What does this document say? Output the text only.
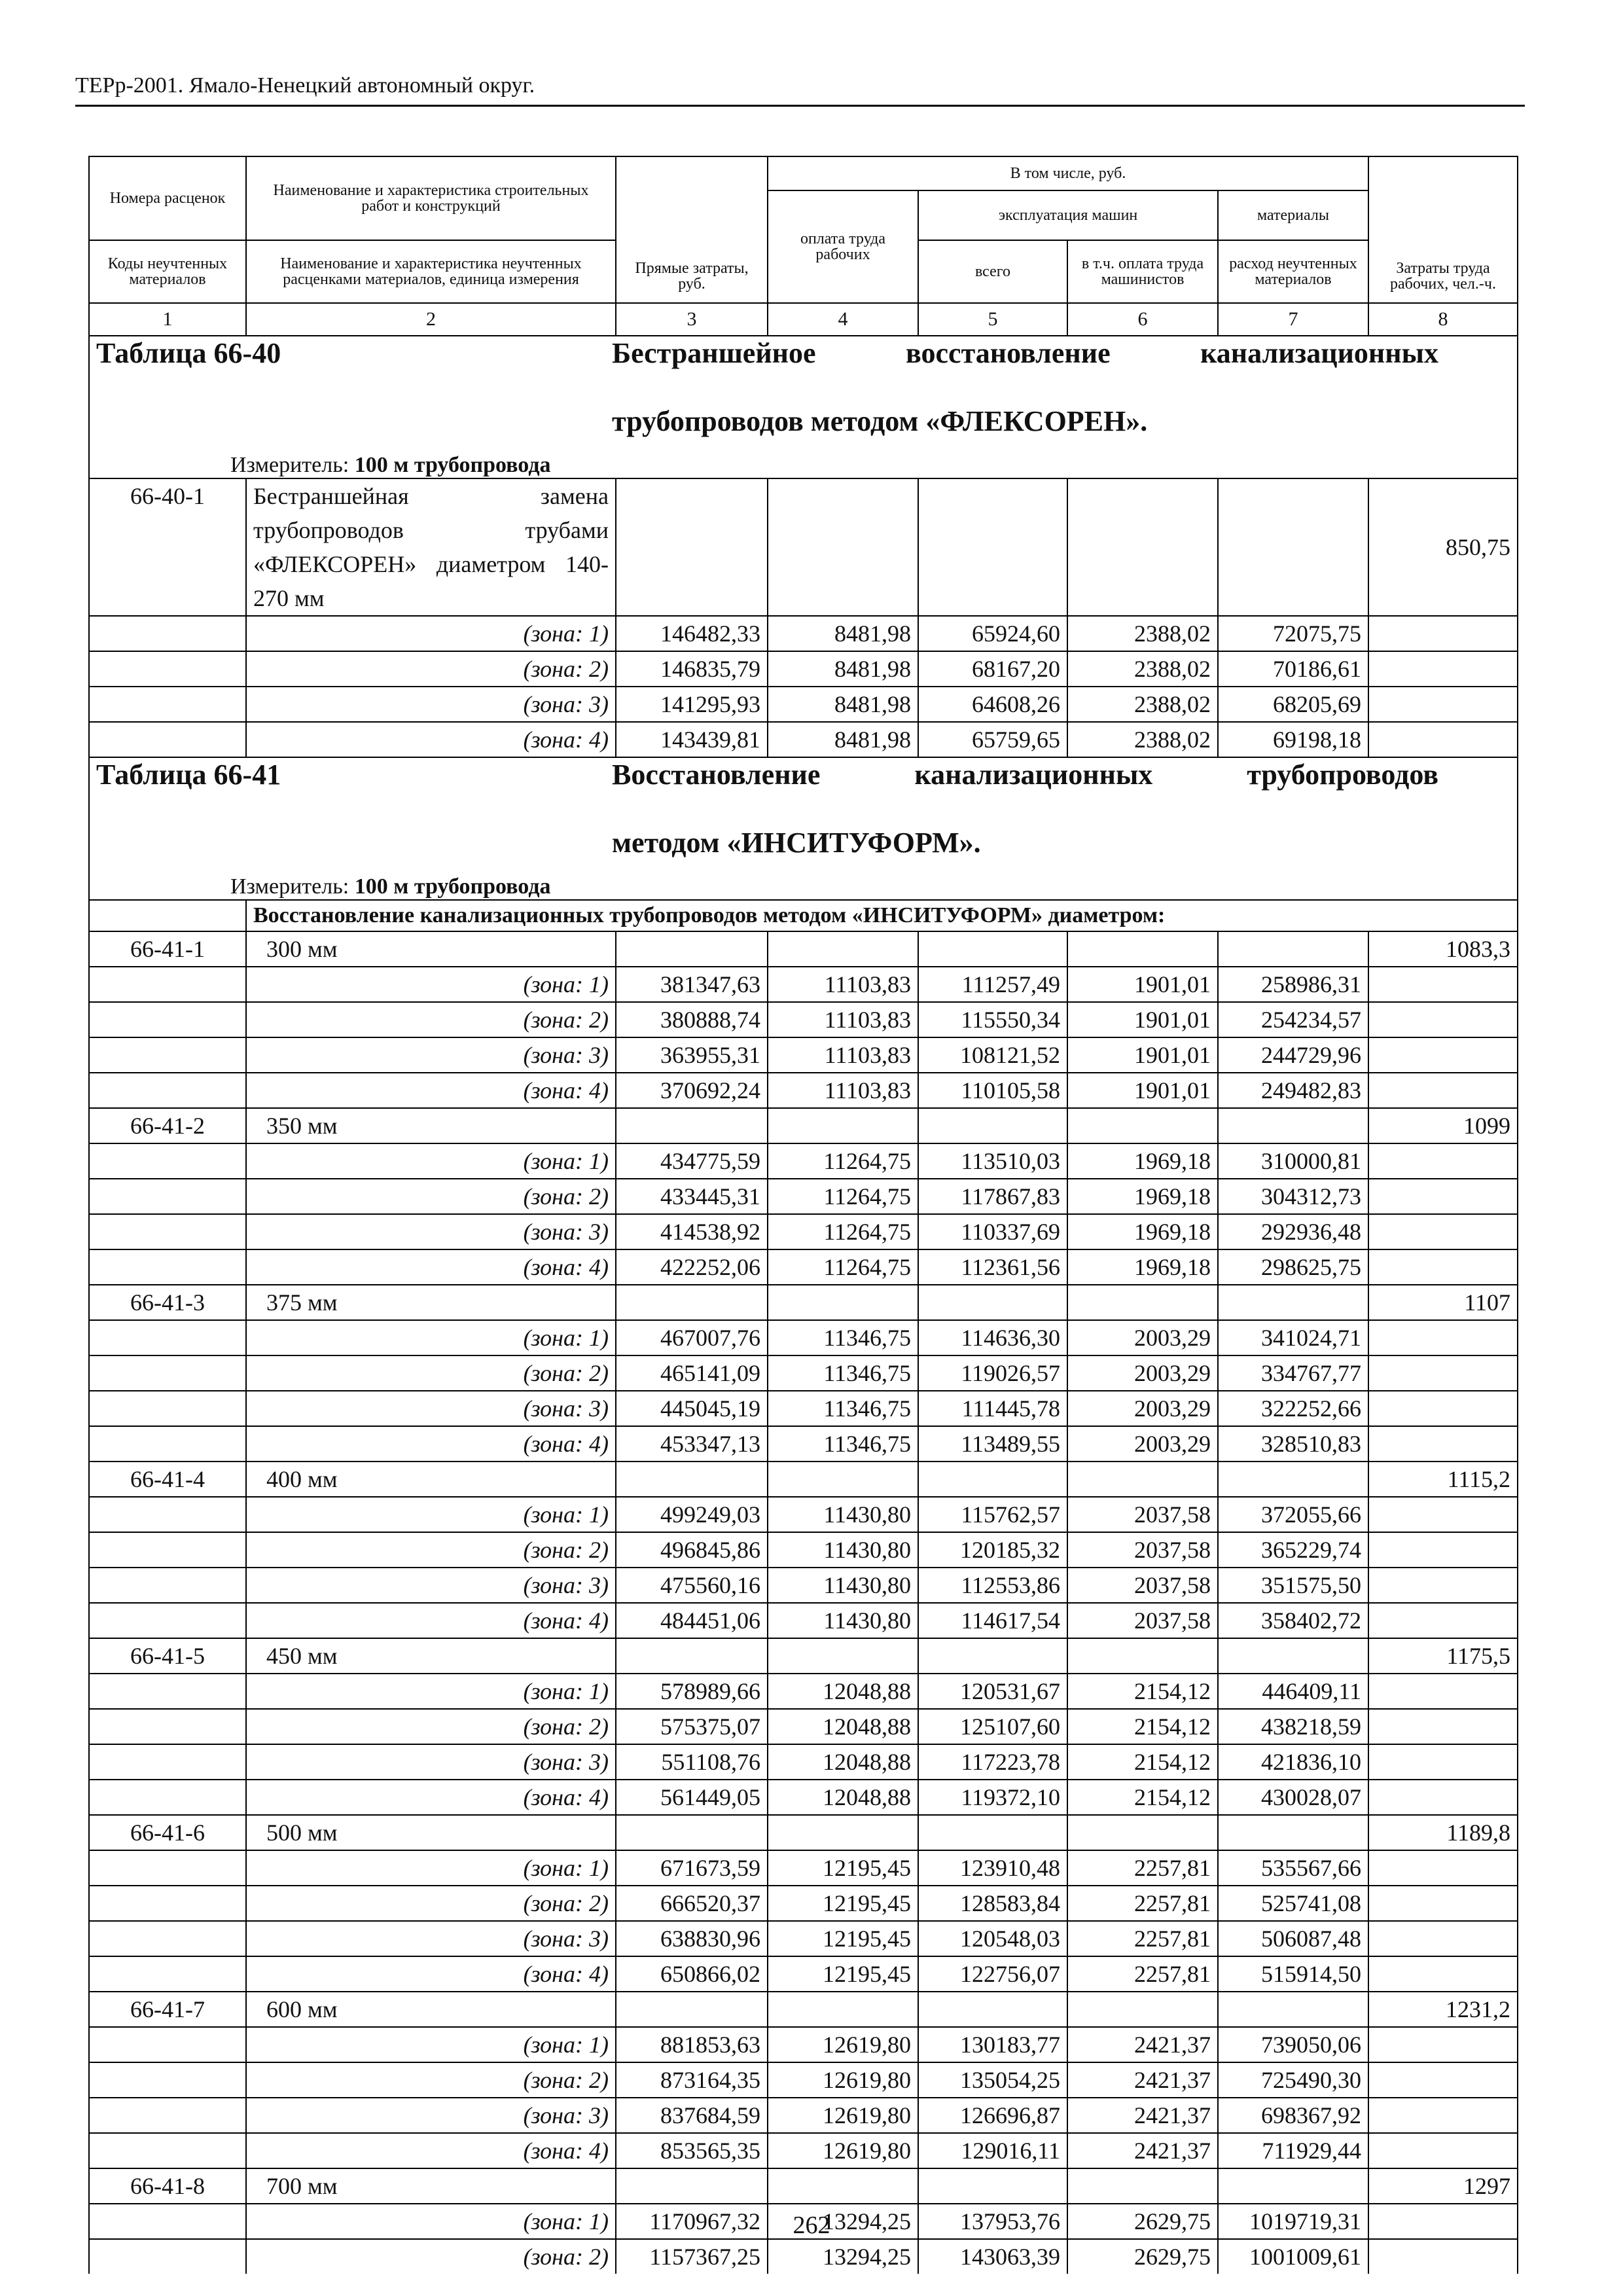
ТЕРр-2001. Ямало-Ненецкий автономный округ.
Номера расценок	Наименование и характеристика строительных работ и конструкций	Прямые затраты, руб.	В том числе, руб.				Затраты труда рабочих, чел.-ч.
			оплата труда рабочих	эксплуатация машин		материалы	
Коды неучтенных материалов	Наименование и характеристика неучтенных расценками материалов, единица измерения			всего	в т.ч. оплата труда машинистов	расход неучтенных материалов	
1	2	3	4	5	6	7	8

Таблица 66-40 Бестраншейное восстановление канализационных
трубопроводов методом «ФЛЕКСОРЕН».
Измеритель: 100 м трубопровода							

66-40-1	Бестраншейная замена трубопроводов трубами «ФЛЕКСОРЕН» диаметром 140-270 мм						850,75
	(зона: 1)	146482,33	8481,98	65924,60	2388,02	72075,75	
	(зона: 2)	146835,79	8481,98	68167,20	2388,02	70186,61	
	(зона: 3)	141295,93	8481,98	64608,26	2388,02	68205,69	
	(зона: 4)	143439,81	8481,98	65759,65	2388,02	69198,18	

Таблица 66-41 Восстановление канализационных трубопроводов
методом «ИНСИТУФОРМ».
Измеритель: 100 м трубопровода							

	Восстановление канализационных трубопроводов методом «ИНСИТУФОРМ» диаметром:						
66-41-1	300 мм						1083,3
	(зона: 1)	381347,63	11103,83	111257,49	1901,01	258986,31	
	(зона: 2)	380888,74	11103,83	115550,34	1901,01	254234,57	
	(зона: 3)	363955,31	11103,83	108121,52	1901,01	244729,96	
	(зона: 4)	370692,24	11103,83	110105,58	1901,01	249482,83	
66-41-2	350 мм						1099
	(зона: 1)	434775,59	11264,75	113510,03	1969,18	310000,81	
	(зона: 2)	433445,31	11264,75	117867,83	1969,18	304312,73	
	(зона: 3)	414538,92	11264,75	110337,69	1969,18	292936,48	
	(зона: 4)	422252,06	11264,75	112361,56	1969,18	298625,75	
66-41-3	375 мм						1107
	(зона: 1)	467007,76	11346,75	114636,30	2003,29	341024,71	
	(зона: 2)	465141,09	11346,75	119026,57	2003,29	334767,77	
	(зона: 3)	445045,19	11346,75	111445,78	2003,29	322252,66	
	(зона: 4)	453347,13	11346,75	113489,55	2003,29	328510,83	
66-41-4	400 мм						1115,2
	(зона: 1)	499249,03	11430,80	115762,57	2037,58	372055,66	
	(зона: 2)	496845,86	11430,80	120185,32	2037,58	365229,74	
	(зона: 3)	475560,16	11430,80	112553,86	2037,58	351575,50	
	(зона: 4)	484451,06	11430,80	114617,54	2037,58	358402,72	
66-41-5	450 мм						1175,5
	(зона: 1)	578989,66	12048,88	120531,67	2154,12	446409,11	
	(зона: 2)	575375,07	12048,88	125107,60	2154,12	438218,59	
	(зона: 3)	551108,76	12048,88	117223,78	2154,12	421836,10	
	(зона: 4)	561449,05	12048,88	119372,10	2154,12	430028,07	
66-41-6	500 мм						1189,8
	(зона: 1)	671673,59	12195,45	123910,48	2257,81	535567,66	
	(зона: 2)	666520,37	12195,45	128583,84	2257,81	525741,08	
	(зона: 3)	638830,96	12195,45	120548,03	2257,81	506087,48	
	(зона: 4)	650866,02	12195,45	122756,07	2257,81	515914,50	
66-41-7	600 мм						1231,2
	(зона: 1)	881853,63	12619,80	130183,77	2421,37	739050,06	
	(зона: 2)	873164,35	12619,80	135054,25	2421,37	725490,30	
	(зона: 3)	837684,59	12619,80	126696,87	2421,37	698367,92	
	(зона: 4)	853565,35	12619,80	129016,11	2421,37	711929,44	
66-41-8	700 мм						1297
	(зона: 1)	1170967,32	13294,25	137953,76	2629,75	1019719,31	
	(зона: 2)	1157367,25	13294,25	143063,39	2629,75	1001009,61	
262
